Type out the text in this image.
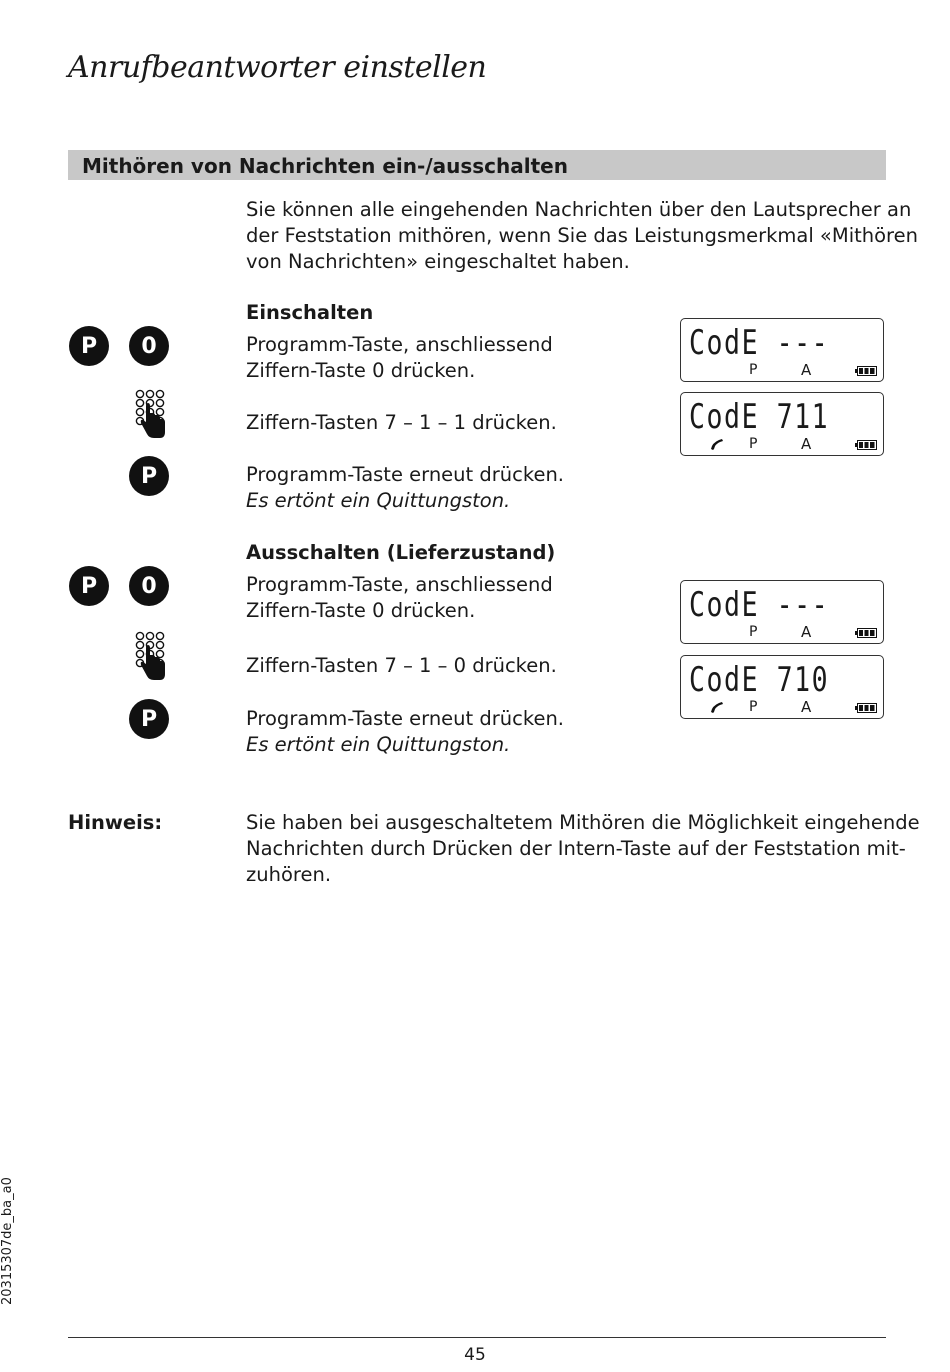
Anrufbeantworter einstellen
Mithören von Nachrichten ein-/ausschalten
Sie können alle eingehenden Nachrichten über den Lautsprecher an
der Feststation mithören, wenn Sie das Leistungsmerkmal «Mithören
von Nachrichten» eingeschaltet haben.
Einschalten
P	0	Programm-Taste, anschliessend
Ziffern-Taste 0 drücken.
Ziffern-Tasten 7 – 1 – 1 drücken.
P	Programm-Taste erneut drücken.
Es ertönt ein Quittungston.
CodE ---
P	A
CodE 711
P	A
Ausschalten (Lieferzustand)
P	0	Programm-Taste, anschliessend
Ziffern-Taste 0 drücken.
Ziffern-Tasten 7 – 1 – 0 drücken.
P	Programm-Taste erneut drücken.
Es ertönt ein Quittungston.
CodE ---
P	A
CodE 710
P	A
Hinweis:	Sie haben bei ausgeschaltetem Mithören die Möglichkeit eingehende
Nachrichten durch Drücken der Intern-Taste auf der Feststation mit-
zuhören.
20315307de_ba_a0
45
